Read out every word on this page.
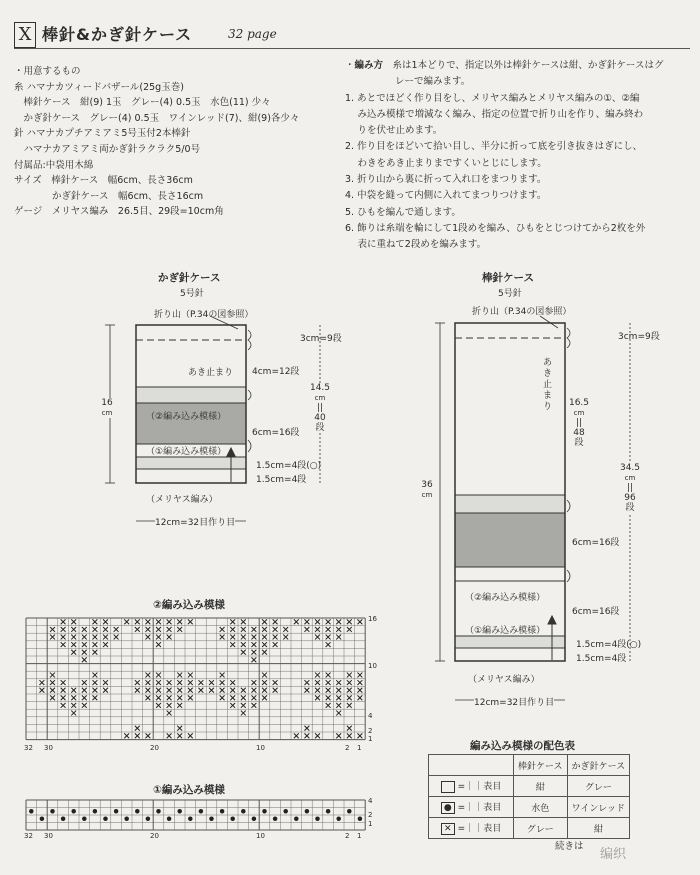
X 棒針&かぎ針ケース	32 page
・用意するもの
糸 ハマナカツィードバザール(25g玉巻)
　棒針ケース　紺(9) 1玉　グレー(4) 0.5玉　水色(11) 少々
　かぎ針ケース　グレー(4) 0.5玉　ワインレッド(7)、紺(9)各少々
針 ハマナカプチアミアミ5号玉付2本棒針
　ハマナカアミアミ両かぎ針ラクラク5/0号
付属品:中袋用木綿
サイズ　棒針ケース　幅6cm、長さ36cm
　　　　かぎ針ケース　幅6cm、長さ16cm
ゲージ　メリヤス編み　26.5目、29段=10cm角
・編み方　 糸は1本どりで、指定以外は棒針ケースは紺、かぎ針ケースはグ
レーで編みます。
1. あとでほどく作り目をし、メリヤス編みとメリヤス編みの①、②編
　 み込み模様で増減なく編み、指定の位置で折り山を作り、編み終わ
　 りを伏せ止めます。
2. 作り目をほどいて拾い目し、半分に折って底を引き抜きはぎにし、
　 わきをあき止まりまですくいとじにします。
3. 折り山から裏に折って入れ口をまつります。
4. 中袋を縫って内側に入れてまつりつけます。
5. ひもを編んで通します。
6. 飾りは糸端を輪にして1段めを編み、ひもをとじつけてから2枚を外
　 表に重ねて2段めを編みます。
かぎ針ケース
5号針
折り山（P.34の図参照）
あき止まり
（②編み込み模様）
（①編み込み模様）
（メリヤス編み）
16
cm
12cm=32目作り目
3cm=9段
4cm=12段
14.5
cm
||
40
段
6cm=16段
1.5cm=4段(○)
1.5cm=4段
棒針ケース
5号針
折り山（P.34の図参照）
あき止まり
（②編み込み模様）
（①編み込み模様）
（メリヤス編み）
36
cm
12cm=32目作り目
3cm=9段
16.5
cm
||
48
段
34.5
cm
||
96
段
6cm=16段
6cm=16段
1.5cm=4段(○)
1.5cm=4段
②編み込み模様
32 30	20	10	2 1
16
10
4
2
1
①編み込み模様
32 30	20	10	2 1
4
2
1
編み込み模様の配色表
	棒針ケース	かぎ針ケース
=｜｜表目	紺	グレー
● =｜｜表目	水色	ワインレッド
✕ =｜｜表目	グレー	紺
続きは
编织
